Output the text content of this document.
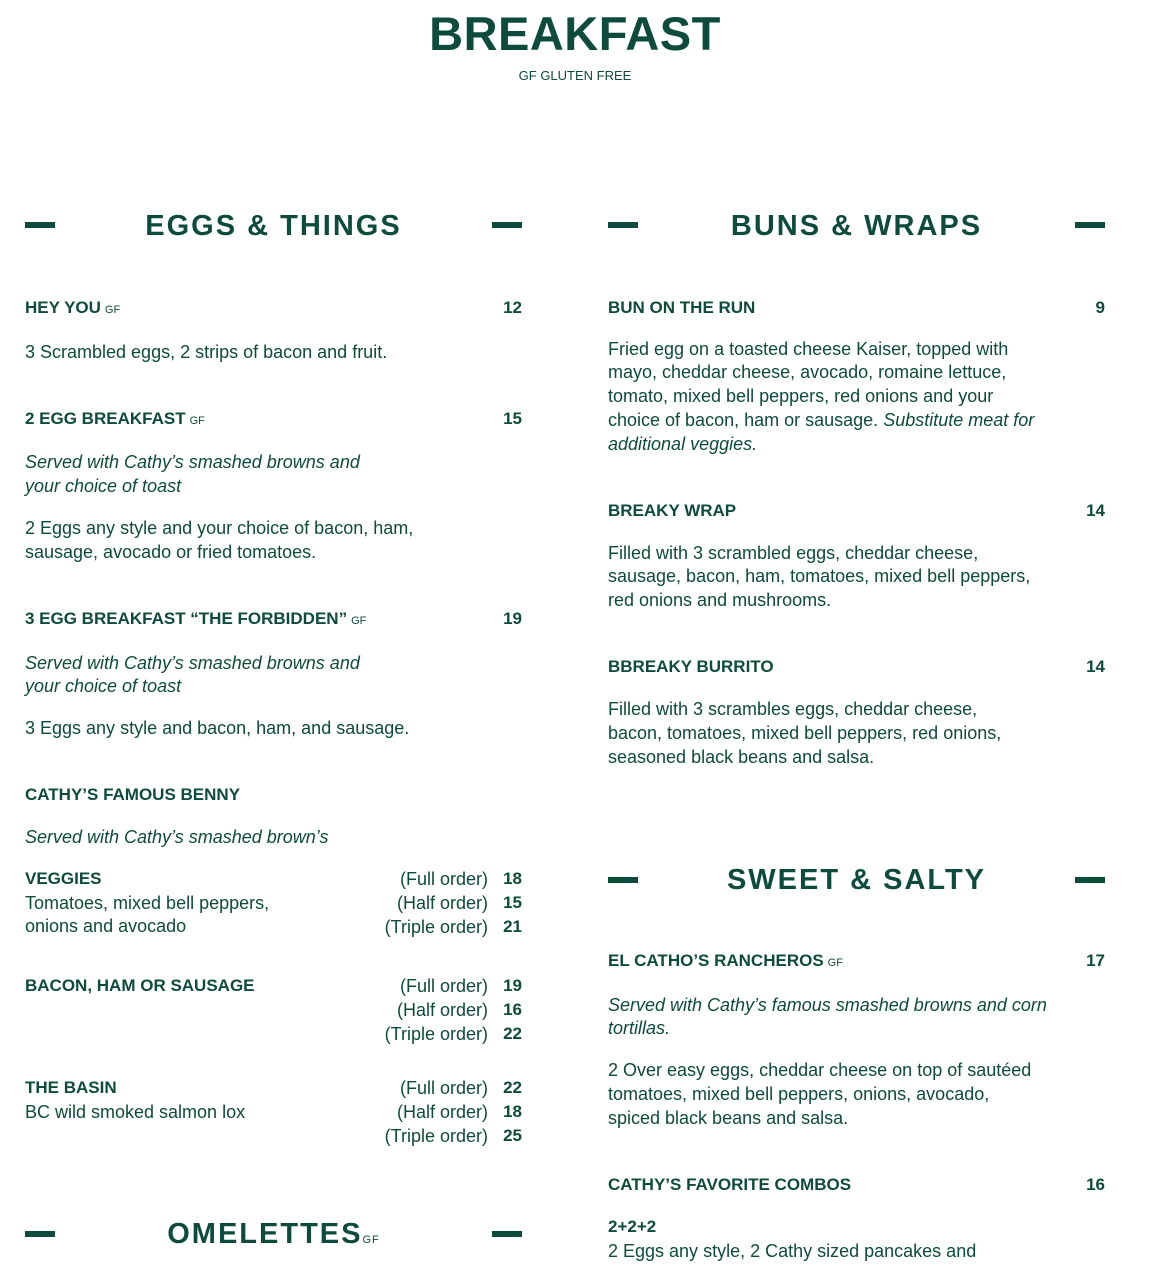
BREAKFAST
GF GLUTEN FREE
EGGS & THINGS
HEY YOU GF	12
3 Scrambled eggs, 2 strips of bacon and fruit.
2 EGG BREAKFAST GF	15
Served with Cathy’s smashed browns and
your choice of toast
2 Eggs any style and your choice of bacon, ham,
sausage, avocado or fried tomatoes.
3 EGG BREAKFAST “THE FORBIDDEN” GF	19
Served with Cathy’s smashed browns and
your choice of toast
3 Eggs any style and bacon, ham, and sausage.
CATHY’S FAMOUS BENNY
Served with Cathy’s smashed brown’s
VEGGIES
Tomatoes, mixed bell peppers,
onions and avocado
(Full order) 18
(Half order) 15
(Triple order) 21
BACON, HAM OR SAUSAGE	(Full order) 19
(Half order) 16
(Triple order) 22
THE BASIN
BC wild smoked salmon lox
(Full order) 22
(Half order) 18
(Triple order) 25
OMELETTESGF
BUNS & WRAPS
BUN ON THE RUN	9
Fried egg on a toasted cheese Kaiser, topped with
mayo, cheddar cheese, avocado, romaine lettuce,
tomato, mixed bell peppers, red onions and your
choice of bacon, ham or sausage. Substitute meat for
additional veggies.
BREAKY WRAP	14
Filled with 3 scrambled eggs, cheddar cheese,
sausage, bacon, ham, tomatoes, mixed bell peppers,
red onions and mushrooms.
BBREAKY BURRITO	14
Filled with 3 scrambles eggs, cheddar cheese,
bacon, tomatoes, mixed bell peppers, red onions,
seasoned black beans and salsa.
SWEET & SALTY
EL CATHO’S RANCHEROS GF	17
Served with Cathy’s famous smashed browns and corn
tortillas.
2 Over easy eggs, cheddar cheese on top of sautéed
tomatoes, mixed bell peppers, onions, avocado,
spiced black beans and salsa.
CATHY’S FAVORITE COMBOS	16
2+2+2
2 Eggs any style, 2 Cathy sized pancakes and
